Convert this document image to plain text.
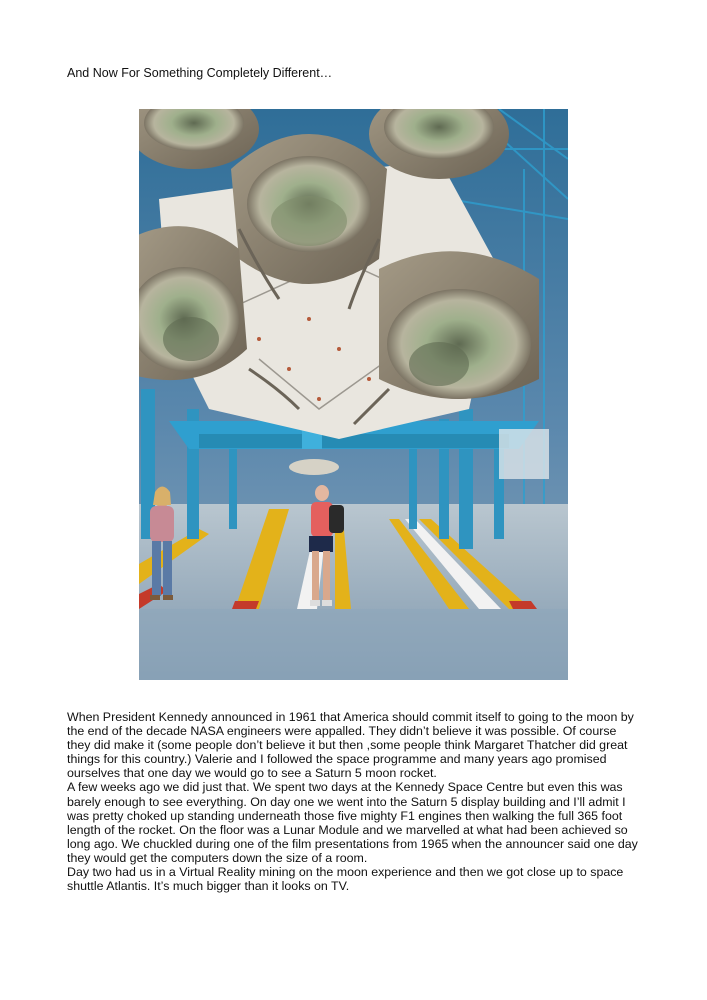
And Now For Something Completely Different…

When President Kennedy announced in 1961 that America should commit itself to going to the moon by the end of the decade NASA engineers were appalled. They didn’t believe it was possible. Of course they did make it (some people don’t believe it but then ,some people think Margaret Thatcher did great things for this country.) Valerie and I followed the space programme and many years ago promised ourselves that one day we would go to see a Saturn 5 moon rocket.

A few weeks ago we did just that. We spent two days at the Kennedy Space Centre but even this was barely enough to see everything. On day one we went into the Saturn 5 display building and I’ll admit I was pretty choked up standing underneath those five mighty F1 engines then walking the full 365 foot length of the rocket. On the floor was a Lunar Module and we marvelled at what had been achieved so long ago. We chuckled during one of the film presentations from 1965 when the announcer said one day they would get the computers down the size of a room.

Day two had us in a Virtual Reality mining on the moon experience and then we got close up to space shuttle Atlantis. It’s much bigger than it looks on TV.
